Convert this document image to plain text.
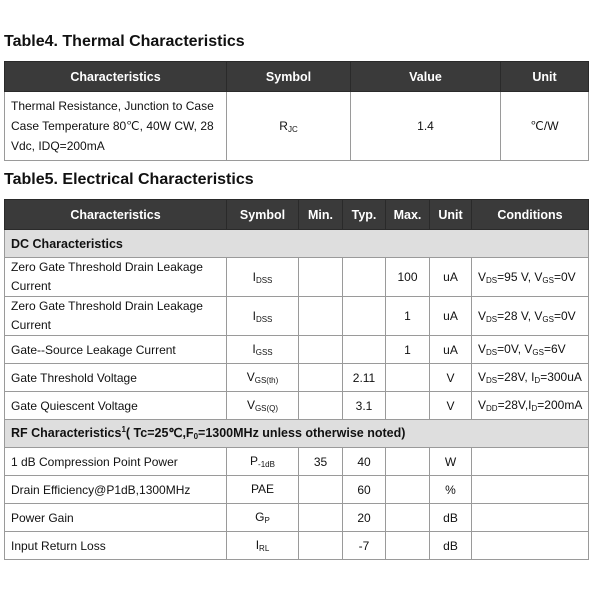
Table4. Thermal Characteristics
Characteristics	Symbol	Value	Unit
Thermal Resistance, Junction to Case Case Temperature 80℃, 40W CW, 28 Vdc, IDQ=200mA	$R_{JC}$	1.4	℃/W
Table5. Electrical Characteristics
Characteristics	Symbol	Min.	Typ.	Max.	Unit	Conditions
DC Characteristics						
Zero Gate Threshold Drain Leakage Current	$I_{DSS}$			100	uA	$V_{DS}=95$ V, $V_{GS}=0V$
Zero Gate Threshold Drain Leakage Current	$I_{DSS}$			1	uA	$V_{DS}=28$ V, $V_{GS}=0V$
Gate--Source Leakage Current	$I_{GSS}$			1	uA	$V_{DS}=0V$, $V_{GS}=6V$
Gate Threshold Voltage	$V_{GS(th)}$		2.11		V	$V_{DS}=28V$, $I_D=300uA$
Gate Quiescent Voltage	$V_{GS(Q)}$		3.1		V	$V_{DD}=28V,I_D=200mA$
RF Characteristics$^1$( $Tc=25℃,F_0=1300MHz$ unless otherwise noted)						
1 dB Compression Point Power	$P_{-1dB}$	35	40		W	
Drain Efficiency@P1dB,1300MHz	PAE		60		%	
Power Gain	$G_P$		20		dB	
Input Return Loss	$I_{RL}$		-7		dB	
